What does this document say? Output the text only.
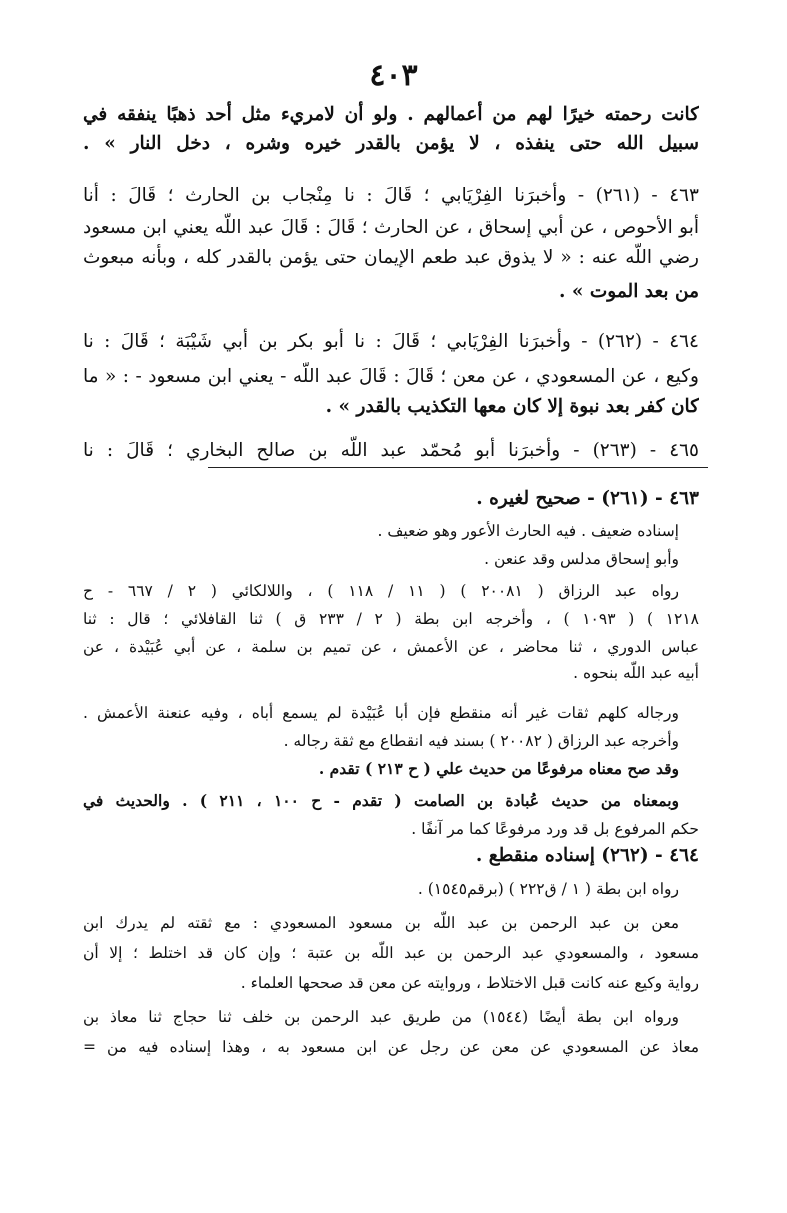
٤٠٣
كانت رحمته خيرًا لهم من أعمالهم . ولو أن لامريء مثل أحد ذهبًا ينفقه في
سبيل الله حتى ينفذه ، لا يؤمن بالقدر خيره وشره ، دخل النار » .
٤٦٣ - (٢٦١) - وأخبرَنا الفِرْيَابي ؛ قَالَ : نا مِنْجاب بن الحارث ؛ قَالَ : أنا
أبو الأحوص ، عن أبي إسحاق ، عن الحارث ؛ قَالَ : قَالَ عبد اللّه يعني ابن مسعود
رضي اللّه عنه : « لا يذوق عبد طعم الإيمان حتى يؤمن بالقدر كله ، وبأنه مبعوث
من بعد الموت » .
٤٦٤ - (٢٦٢) - وأخبرَنا الفِرْيَابي ؛ قَالَ : نا أبو بكر بن أبي شَيْبَة ؛ قَالَ : نا
وكيع ، عن المسعودي ، عن معن ؛ قَالَ : قَالَ عبد اللّه - يعني ابن مسعود - : « ما
كان كفر بعد نبوة إلا كان معها التكذيب بالقدر » .
٤٦٥ - (٢٦٣) - وأخبرَنا أبو مُحمّد عبد اللّه بن صالح البخاري ؛ قَالَ : نا
٤٦٣ - (٢٦١) - صحيح لغيره .
إسناده ضعيف . فيه الحارث الأعور وهو ضعيف .
وأبو إسحاق مدلس وقد عنعن .
رواه عبد الرزاق ( ٢٠٠٨١ ) ( ١١ / ١١٨ ) ، واللالكائي ( ٢ / ٦٦٧ - ح
١٢١٨ ) ( ١٠٩٣ ) ، وأخرجه ابن بطة ( ٢ / ٢٣٣ ق ) ثنا القافلائي ؛ قال : ثنا
عباس الدوري ، ثنا محاضر ، عن الأعمش ، عن تميم بن سلمة ، عن أبي عُبَيْدة ، عن
أبيه عبد اللّه بنحوه .
ورجاله كلهم ثقات غير أنه منقطع فإن أبا عُبَيْدة لم يسمع أباه ، وفيه عنعنة الأعمش .
وأخرجه عبد الرزاق ( ٢٠٠٨٢ ) بسند فيه انقطاع مع ثقة رجاله .
وقد صح معناه مرفوعًا من حديث علي ( ح ٢١٣ ) تقدم .
وبمعناه من حديث عُبادة بن الصامت ( تقدم - ح ١٠٠ ، ٢١١ ) . والحديث في
حكم المرفوع بل قد ورد مرفوعًا كما مر آنفًا .
٤٦٤ - (٢٦٢) إسناده منقطع .
رواه ابن بطة ( ١ / ق٢٢٢ ) (برقم١٥٤٥) .
معن بن عبد الرحمن بن عبد اللّه بن مسعود المسعودي : مع ثقته لم يدرك ابن
مسعود ، والمسعودي عبد الرحمن بن عبد اللّه بن عتبة ؛ وإن كان قد اختلط ؛ إلا أن
رواية وكيع عنه كانت قبل الاختلاط ، وروايته عن معن قد صححها العلماء .
ورواه ابن بطة أيضًا (١٥٤٤) من طريق عبد الرحمن بن خلف ثنا حجاج ثنا معاذ بن
معاذ عن المسعودي عن معن عن رجل عن ابن مسعود به ، وهذا إسناده فيه من =
